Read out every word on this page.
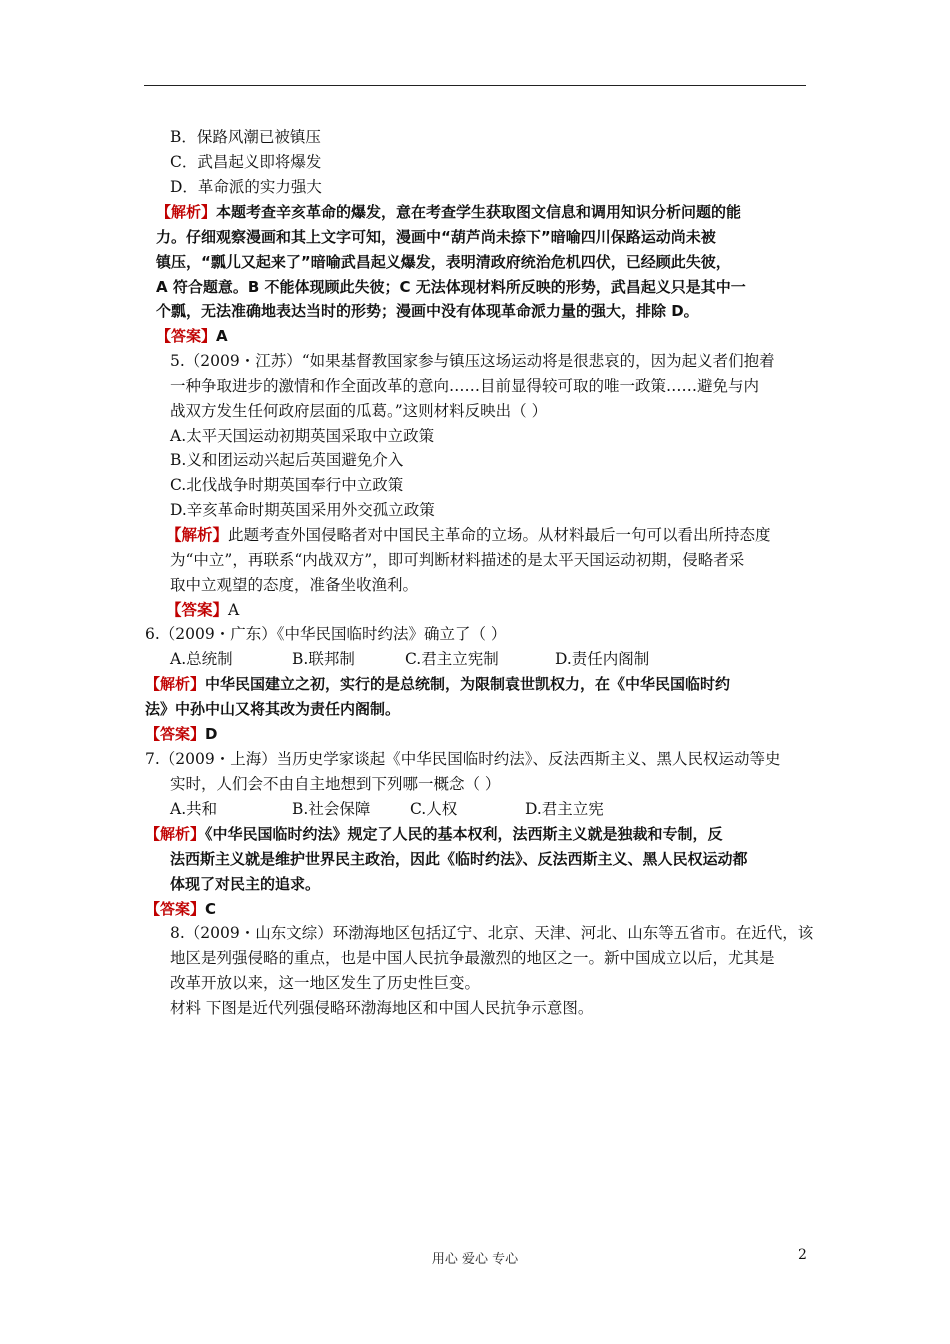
B．保路风潮已被镇压
C．武昌起义即将爆发
D．革命派的实力强大
【解析】本题考查辛亥革命的爆发，意在考查学生获取图文信息和调用知识分析问题的能
力。仔细观察漫画和其上文字可知，漫画中“葫芦尚未捺下”暗喻四川保路运动尚未被
镇压，“瓢儿又起来了”暗喻武昌起义爆发，表明清政府统治危机四伏，已经顾此失彼，
A 符合题意。B 不能体现顾此失彼；C 无法体现材料所反映的形势，武昌起义只是其中一
个瓢，无法准确地表达当时的形势；漫画中没有体现革命派力量的强大，排除 D。
【答案】A
5.（2009・江苏）“如果基督教国家参与镇压这场运动将是很悲哀的，因为起义者们抱着
一种争取进步的激情和作全面改革的意向……目前显得较可取的唯一政策……避免与内
战双方发生任何政府层面的瓜葛。”这则材料反映出（ ）
A.太平天国运动初期英国采取中立政策
B.义和团运动兴起后英国避免介入
C.北伐战争时期英国奉行中立政策
D.辛亥革命时期英国采用外交孤立政策
【解析】此题考查外国侵略者对中国民主革命的立场。从材料最后一句可以看出所持态度
为“中立”，再联系“内战双方”，即可判断材料描述的是太平天国运动初期，侵略者采
取中立观望的态度，准备坐收渔利。
【答案】A
6.（2009・广东）《中华民国临时约法》确立了（ ）
A.总统制	B.联邦制	C.君主立宪制	D.责任内阁制
【解析】中华民国建立之初，实行的是总统制，为限制袁世凯权力，在《中华民国临时约
法》中孙中山又将其改为责任内阁制。
【答案】D
7.（2009・上海）当历史学家谈起《中华民国临时约法》、反法西斯主义、黑人民权运动等史
实时，人们会不由自主地想到下列哪一概念（ ）
A.共和	B.社会保障	C.人权	D.君主立宪
【解析】《中华民国临时约法》规定了人民的基本权利，法西斯主义就是独裁和专制，反
法西斯主义就是维护世界民主政治，因此《临时约法》、反法西斯主义、黑人民权运动都
体现了对民主的追求。
【答案】C
8.（2009・山东文综）环渤海地区包括辽宁、北京、天津、河北、山东等五省市。在近代，该
地区是列强侵略的重点，也是中国人民抗争最激烈的地区之一。新中国成立以后，尤其是
改革开放以来，这一地区发生了历史性巨变。
材料 下图是近代列强侵略环渤海地区和中国人民抗争示意图。
用心 爱心 专心	2
